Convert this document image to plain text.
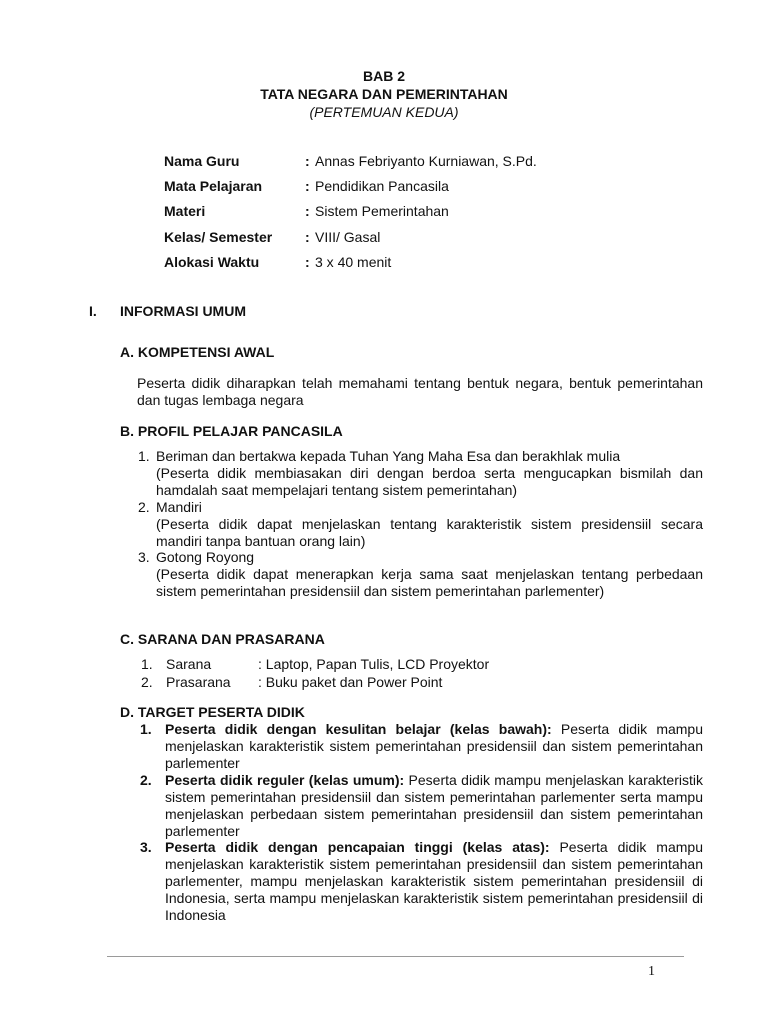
BAB 2
TATA NEGARA DAN PEMERINTAHAN
(PERTEMUAN KEDUA)
Nama Guru	: Annas Febriyanto Kurniawan, S.Pd.
Mata Pelajaran	: Pendidikan Pancasila
Materi	: Sistem Pemerintahan
Kelas/ Semester : VIII/ Gasal
Alokasi Waktu	: 3 x 40 menit
I. INFORMASI UMUM
A. KOMPETENSI AWAL
Peserta didik diharapkan telah memahami tentang bentuk negara, bentuk pemerintahan dan tugas lembaga negara
B. PROFIL PELAJAR PANCASILA
1. Beriman dan bertakwa kepada Tuhan Yang Maha Esa dan berakhlak mulia
(Peserta didik membiasakan diri dengan berdoa serta mengucapkan bismilah dan hamdalah saat mempelajari tentang sistem pemerintahan)
2. Mandiri
(Peserta didik dapat menjelaskan tentang karakteristik sistem presidensiil secara mandiri tanpa bantuan orang lain)
3. Gotong Royong
(Peserta didik dapat menerapkan kerja sama saat menjelaskan tentang perbedaan sistem pemerintahan presidensiil dan sistem pemerintahan parlementer)
C. SARANA DAN PRASARANA
1. Sarana	: Laptop, Papan Tulis, LCD Proyektor
2. Prasarana : Buku paket dan Power Point
D. TARGET PESERTA DIDIK
1. Peserta didik dengan kesulitan belajar (kelas bawah): Peserta didik mampu menjelaskan karakteristik sistem pemerintahan presidensiil dan sistem pemerintahan parlementer
2. Peserta didik reguler (kelas umum): Peserta didik mampu menjelaskan karakteristik sistem pemerintahan presidensiil dan sistem pemerintahan parlementer serta mampu menjelaskan perbedaan sistem pemerintahan presidensiil dan sistem pemerintahan parlementer
3. Peserta didik dengan pencapaian tinggi (kelas atas): Peserta didik mampu menjelaskan karakteristik sistem pemerintahan presidensiil dan sistem pemerintahan parlementer, mampu menjelaskan karakteristik sistem pemerintahan presidensiil di Indonesia, serta mampu menjelaskan karakteristik sistem pemerintahan presidensiil di Indonesia
1
